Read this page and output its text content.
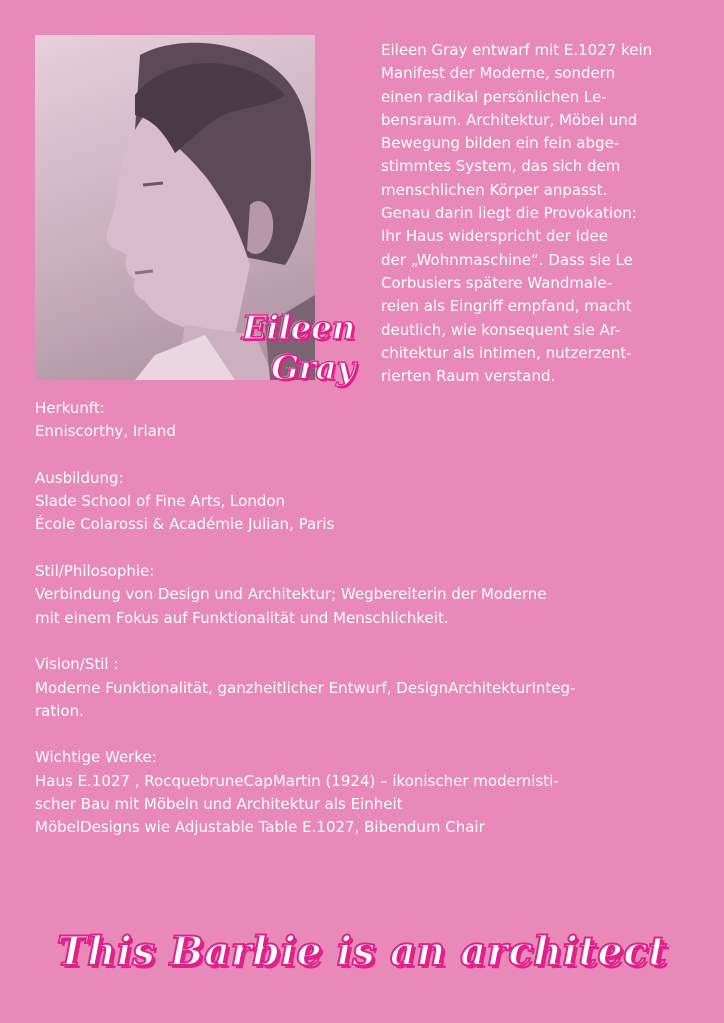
Eileen
Gray
Eileen Gray entwarf mit E.1027 kein
Manifest der Moderne, sondern
einen radikal persönlichen Le-
bensraum. Architektur, Möbel und
Bewegung bilden ein fein abge-
stimmtes System, das sich dem
menschlichen Körper anpasst.
Genau darin liegt die Provokation:
Ihr Haus widerspricht der Idee
der „Wohnmaschine“. Dass sie Le
Corbusiers spätere Wandmale-
reien als Eingriff empfand, macht
deutlich, wie konsequent sie Ar-
chitektur als intimen, nutzerzent-
rierten Raum verstand.
Herkunft:
Enniscorthy, Irland
Ausbildung:
Slade School of Fine Arts, London
École Colarossi & Académie Julian, Paris
Stil/Philosophie:
Verbindung von Design und Architektur; Wegbereiterin der Moderne
mit einem Fokus auf Funktionalität und Menschlichkeit.
Vision/Stil :
Moderne Funktionalität, ganzheitlicher Entwurf, DesignArchitekturInteg-
ration.
Wichtige Werke:
Haus E.1027 , RocquebruneCapMartin (1924) – ikonischer modernisti-
scher Bau mit Möbeln und Architektur als Einheit
MöbelDesigns wie Adjustable Table E.1027, Bibendum Chair
This Barbie is an architect
